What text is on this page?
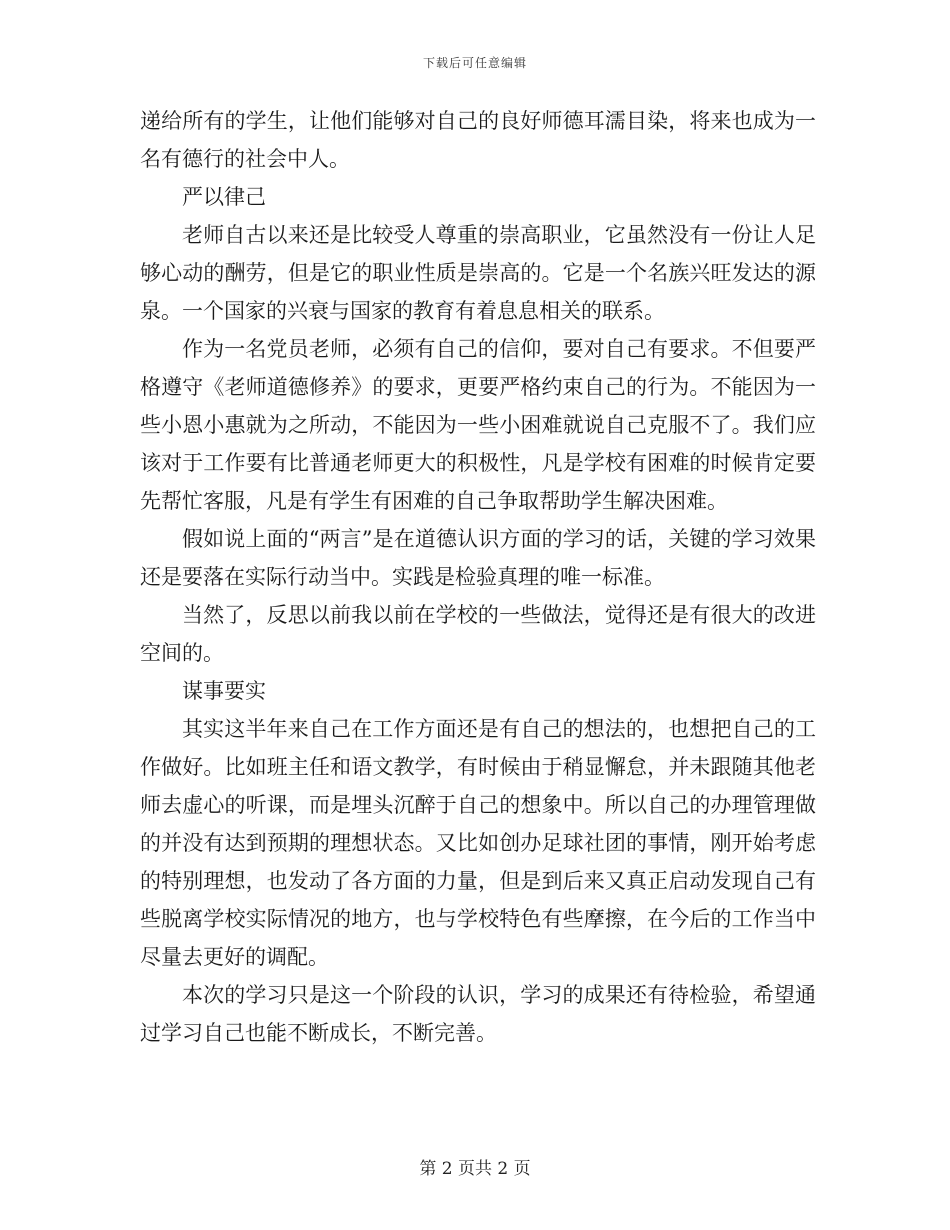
下载后可任意编辑

递给所有的学生，让他们能够对自己的良好师德耳濡目染，将来也成为一名有德行的社会中人。

严以律己

老师自古以来还是比较受人尊重的崇高职业，它虽然没有一份让人足够心动的酬劳，但是它的职业性质是崇高的。它是一个名族兴旺发达的源泉。一个国家的兴衰与国家的教育有着息息相关的联系。

作为一名党员老师，必须有自己的信仰，要对自己有要求。不但要严格遵守《老师道德修养》的要求，更要严格约束自己的行为。不能因为一些小恩小惠就为之所动，不能因为一些小困难就说自己克服不了。我们应该对于工作要有比普通老师更大的积极性，凡是学校有困难的时候肯定要先帮忙客服，凡是有学生有困难的自己争取帮助学生解决困难。

假如说上面的“两言”是在道德认识方面的学习的话，关键的学习效果还是要落在实际行动当中。实践是检验真理的唯一标准。

当然了，反思以前我以前在学校的一些做法，觉得还是有很大的改进空间的。

谋事要实

其实这半年来自己在工作方面还是有自己的想法的，也想把自己的工作做好。比如班主任和语文教学，有时候由于稍显懈怠，并未跟随其他老师去虚心的听课，而是埋头沉醉于自己的想象中。所以自己的办理管理做的并没有达到预期的理想状态。又比如创办足球社团的事情，刚开始考虑的特别理想，也发动了各方面的力量，但是到后来又真正启动发现自己有些脱离学校实际情况的地方，也与学校特色有些摩擦，在今后的工作当中尽量去更好的调配。

本次的学习只是这一个阶段的认识，学习的成果还有待检验，希望通过学习自己也能不断成长，不断完善。

第 2 页共 2 页
